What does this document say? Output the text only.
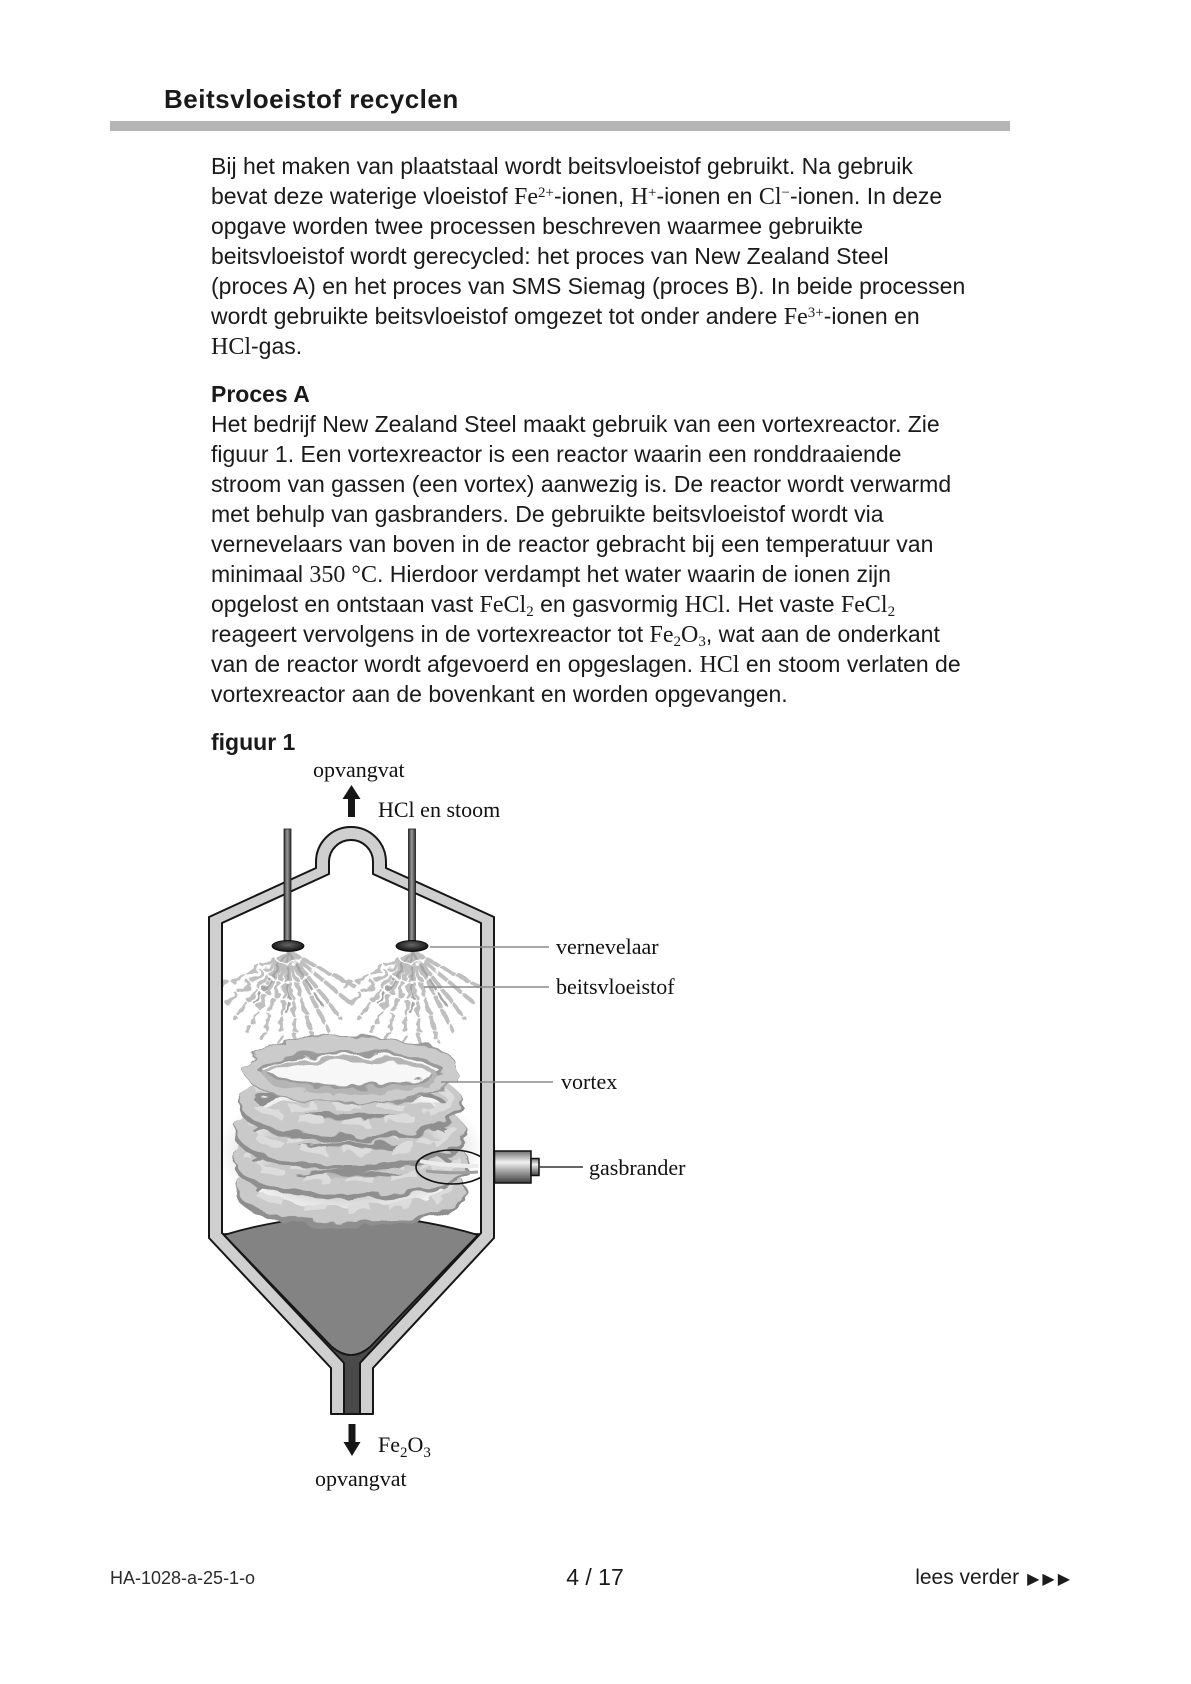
Beitsvloeistof recyclen
Bij het maken van plaatstaal wordt beitsvloeistof gebruikt. Na gebruik
bevat deze waterige vloeistof $Fe^{2+}$-ionen, H+-ionen en Cl−-ionen. In deze
opgave worden twee processen beschreven waarmee gebruikte
beitsvloeistof wordt gerecycled: het proces van New Zealand Steel
(proces A) en het proces van SMS Siemag (proces B). In beide processen
wordt gebruikte beitsvloeistof omgezet tot onder andere $Fe^{3+}$-ionen en
HCl-gas.
Proces A
Het bedrijf New Zealand Steel maakt gebruik van een vortexreactor. Zie
figuur 1. Een vortexreactor is een reactor waarin een ronddraaiende
stroom van gassen (een vortex) aanwezig is. De reactor wordt verwarmd
met behulp van gasbranders. De gebruikte beitsvloeistof wordt via
vernevelaars van boven in de reactor gebracht bij een temperatuur van
minimaal 350 °C. Hierdoor verdampt het water waarin de ionen zijn
opgelost en ontstaan vast FeCl$_2$ en gasvormig HCl. Het vaste FeCl$_2$
reageert vervolgens in de vortexreactor tot $Fe_2O_3$, wat aan de onderkant
van de reactor wordt afgevoerd en opgeslagen. HCl en stoom verlaten de
vortexreactor aan de bovenkant en worden opgevangen.
figuur 1
opvangvat
HCl en stoom
vernevelaar
beitsvloeistof
vortex
gasbrander
$Fe_2O_3$
opvangvat
HA-1028-a-25-1-o	4 / 17	lees verder ▶▶▶
